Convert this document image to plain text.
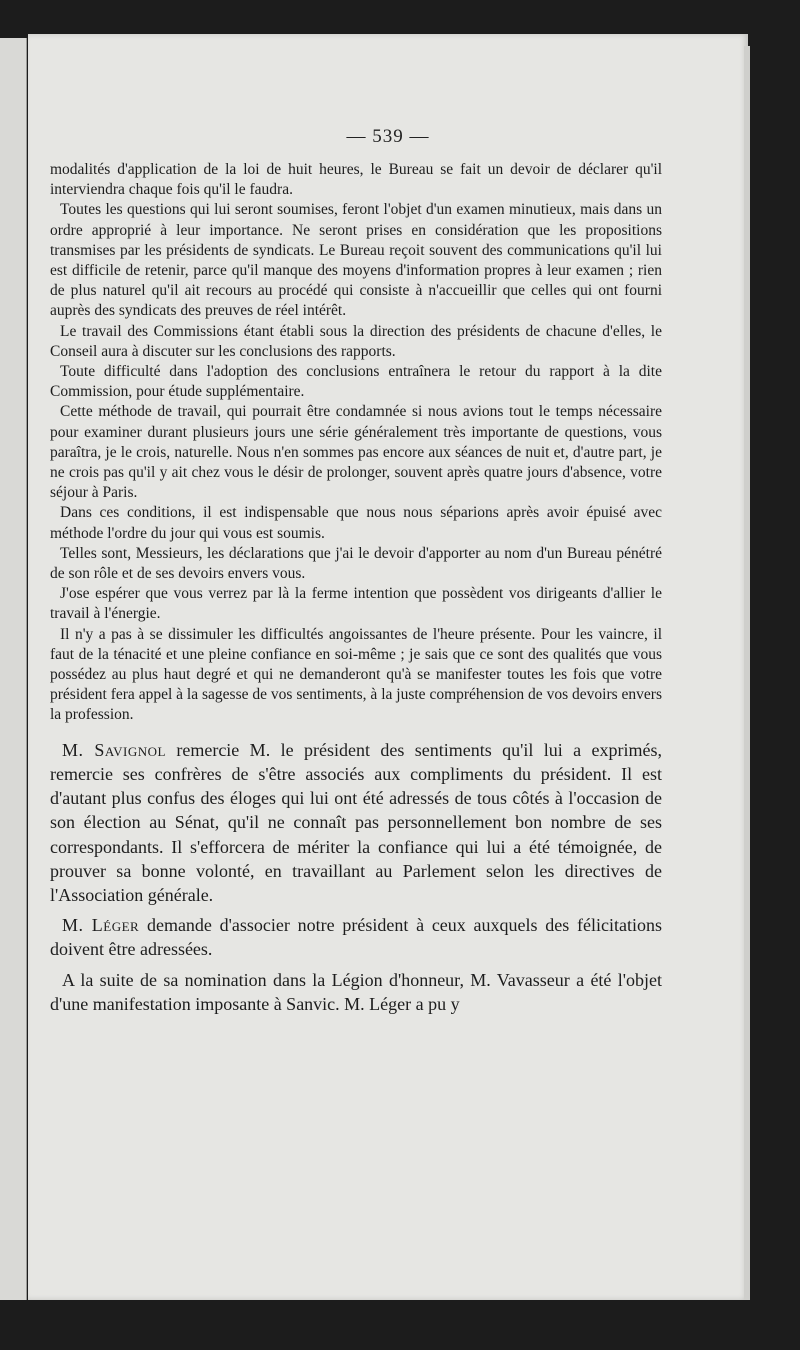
— 539 —

modalités d'application de la loi de huit heures, le Bureau se fait un devoir de déclarer qu'il interviendra chaque fois qu'il le faudra.

Toutes les questions qui lui seront soumises, feront l'objet d'un examen minutieux, mais dans un ordre approprié à leur importance. Ne seront prises en considération que les propositions transmises par les présidents de syndicats. Le Bureau reçoit souvent des communications qu'il lui est difficile de retenir, parce qu'il manque des moyens d'information propres à leur examen ; rien de plus naturel qu'il ait recours au procédé qui consiste à n'accueillir que celles qui ont fourni auprès des syndicats des preuves de réel intérêt.

Le travail des Commissions étant établi sous la direction des présidents de chacune d'elles, le Conseil aura à discuter sur les conclusions des rapports.

Toute difficulté dans l'adoption des conclusions entraînera le retour du rapport à la dite Commission, pour étude supplémentaire.

Cette méthode de travail, qui pourrait être condamnée si nous avions tout le temps nécessaire pour examiner durant plusieurs jours une série généralement très importante de questions, vous paraîtra, je le crois, naturelle. Nous n'en sommes pas encore aux séances de nuit et, d'autre part, je ne crois pas qu'il y ait chez vous le désir de prolonger, souvent après quatre jours d'absence, votre séjour à Paris.

Dans ces conditions, il est indispensable que nous nous séparions après avoir épuisé avec méthode l'ordre du jour qui vous est soumis.

Telles sont, Messieurs, les déclarations que j'ai le devoir d'apporter au nom d'un Bureau pénétré de son rôle et de ses devoirs envers vous.

J'ose espérer que vous verrez par là la ferme intention que possèdent vos dirigeants d'allier le travail à l'énergie.

Il n'y a pas à se dissimuler les difficultés angoissantes de l'heure présente. Pour les vaincre, il faut de la ténacité et une pleine confiance en soi-même ; je sais que ce sont des qualités que vous possédez au plus haut degré et qui ne demanderont qu'à se manifester toutes les fois que votre président fera appel à la sagesse de vos sentiments, à la juste compréhension de vos devoirs envers la profession.

M. Savignol remercie M. le président des sentiments qu'il lui a exprimés, remercie ses confrères de s'être associés aux compliments du président. Il est d'autant plus confus des éloges qui lui ont été adressés de tous côtés à l'occasion de son élection au Sénat, qu'il ne connaît pas personnellement bon nombre de ses correspondants. Il s'efforcera de mériter la confiance qui lui a été témoignée, de prouver sa bonne volonté, en travaillant au Parlement selon les directives de l'Association générale.

M. Léger demande d'associer notre président à ceux auxquels des félicitations doivent être adressées.

A la suite de sa nomination dans la Légion d'honneur, M. Vavasseur a été l'objet d'une manifestation imposante à Sanvic. M. Léger a pu y
